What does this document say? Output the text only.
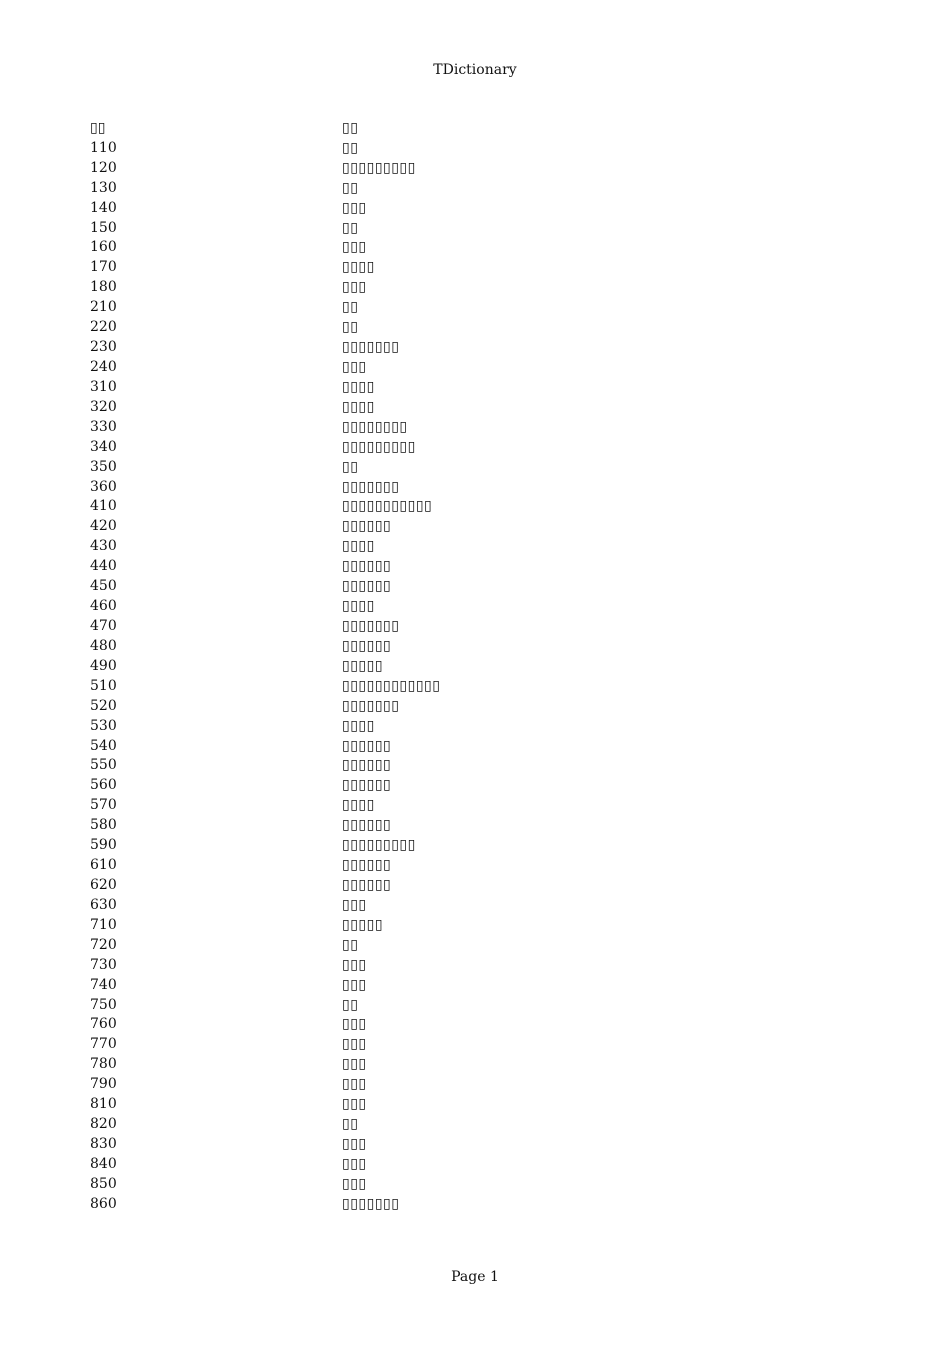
TDictionary
▯▯	▯▯
110	▯▯
120	▯▯▯▯▯▯▯▯▯
130	▯▯
140	▯▯▯
150	▯▯
160	▯▯▯
170	▯▯▯▯
180	▯▯▯
210	▯▯
220	▯▯
230	▯▯▯▯▯▯▯
240	▯▯▯
310	▯▯▯▯
320	▯▯▯▯
330	▯▯▯▯▯▯▯▯
340	▯▯▯▯▯▯▯▯▯
350	▯▯
360	▯▯▯▯▯▯▯
410	▯▯▯▯▯▯▯▯▯▯▯
420	▯▯▯▯▯▯
430	▯▯▯▯
440	▯▯▯▯▯▯
450	▯▯▯▯▯▯
460	▯▯▯▯
470	▯▯▯▯▯▯▯
480	▯▯▯▯▯▯
490	▯▯▯▯▯
510	▯▯▯▯▯▯▯▯▯▯▯▯
520	▯▯▯▯▯▯▯
530	▯▯▯▯
540	▯▯▯▯▯▯
550	▯▯▯▯▯▯
560	▯▯▯▯▯▯
570	▯▯▯▯
580	▯▯▯▯▯▯
590	▯▯▯▯▯▯▯▯▯
610	▯▯▯▯▯▯
620	▯▯▯▯▯▯
630	▯▯▯
710	▯▯▯▯▯
720	▯▯
730	▯▯▯
740	▯▯▯
750	▯▯
760	▯▯▯
770	▯▯▯
780	▯▯▯
790	▯▯▯
810	▯▯▯
820	▯▯
830	▯▯▯
840	▯▯▯
850	▯▯▯
860	▯▯▯▯▯▯▯
Page 1
